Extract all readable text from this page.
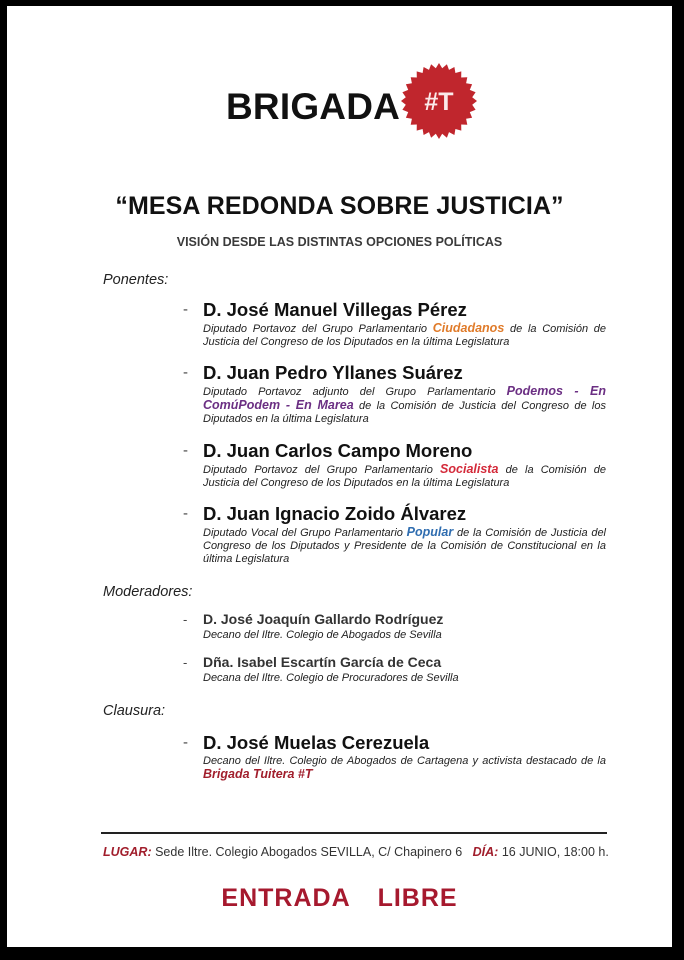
BRIGADA #T
“MESA REDONDA SOBRE JUSTICIA”
VISIÓN DESDE LAS DISTINTAS OPCIONES POLÍTICAS
Ponentes:
- D. José Manuel Villegas Pérez
Diputado Portavoz del Grupo Parlamentario Ciudadanos de la Comisión de Justicia del Congreso de los Diputados en la última Legislatura
- D. Juan Pedro Yllanes Suárez
Diputado Portavoz adjunto del Grupo Parlamentario Podemos - En ComúPodem - En Marea de la Comisión de Justicia del Congreso de los Diputados en la última Legislatura
- D. Juan Carlos Campo Moreno
Diputado Portavoz del Grupo Parlamentario Socialista de la Comisión de Justicia del Congreso de los Diputados en la última Legislatura
- D. Juan Ignacio Zoido Álvarez
Diputado Vocal del Grupo Parlamentario Popular de la Comisión de Justicia del Congreso de los Diputados y Presidente de la Comisión de Constitucional en la última Legislatura
Moderadores:
- D. José Joaquín Gallardo Rodríguez
Decano del Iltre. Colegio de Abogados de Sevilla
- Dña. Isabel Escartín García de Ceca
Decana del Iltre. Colegio de Procuradores de Sevilla
Clausura:
- D. José Muelas Cerezuela
Decano del Iltre. Colegio de Abogados de Cartagena y activista destacado de la Brigada Tuitera #T
LUGAR: Sede Iltre. Colegio Abogados SEVILLA, C/ Chapinero 6 DÍA: 16 JUNIO, 18:00 h.
ENTRADA  LIBRE
